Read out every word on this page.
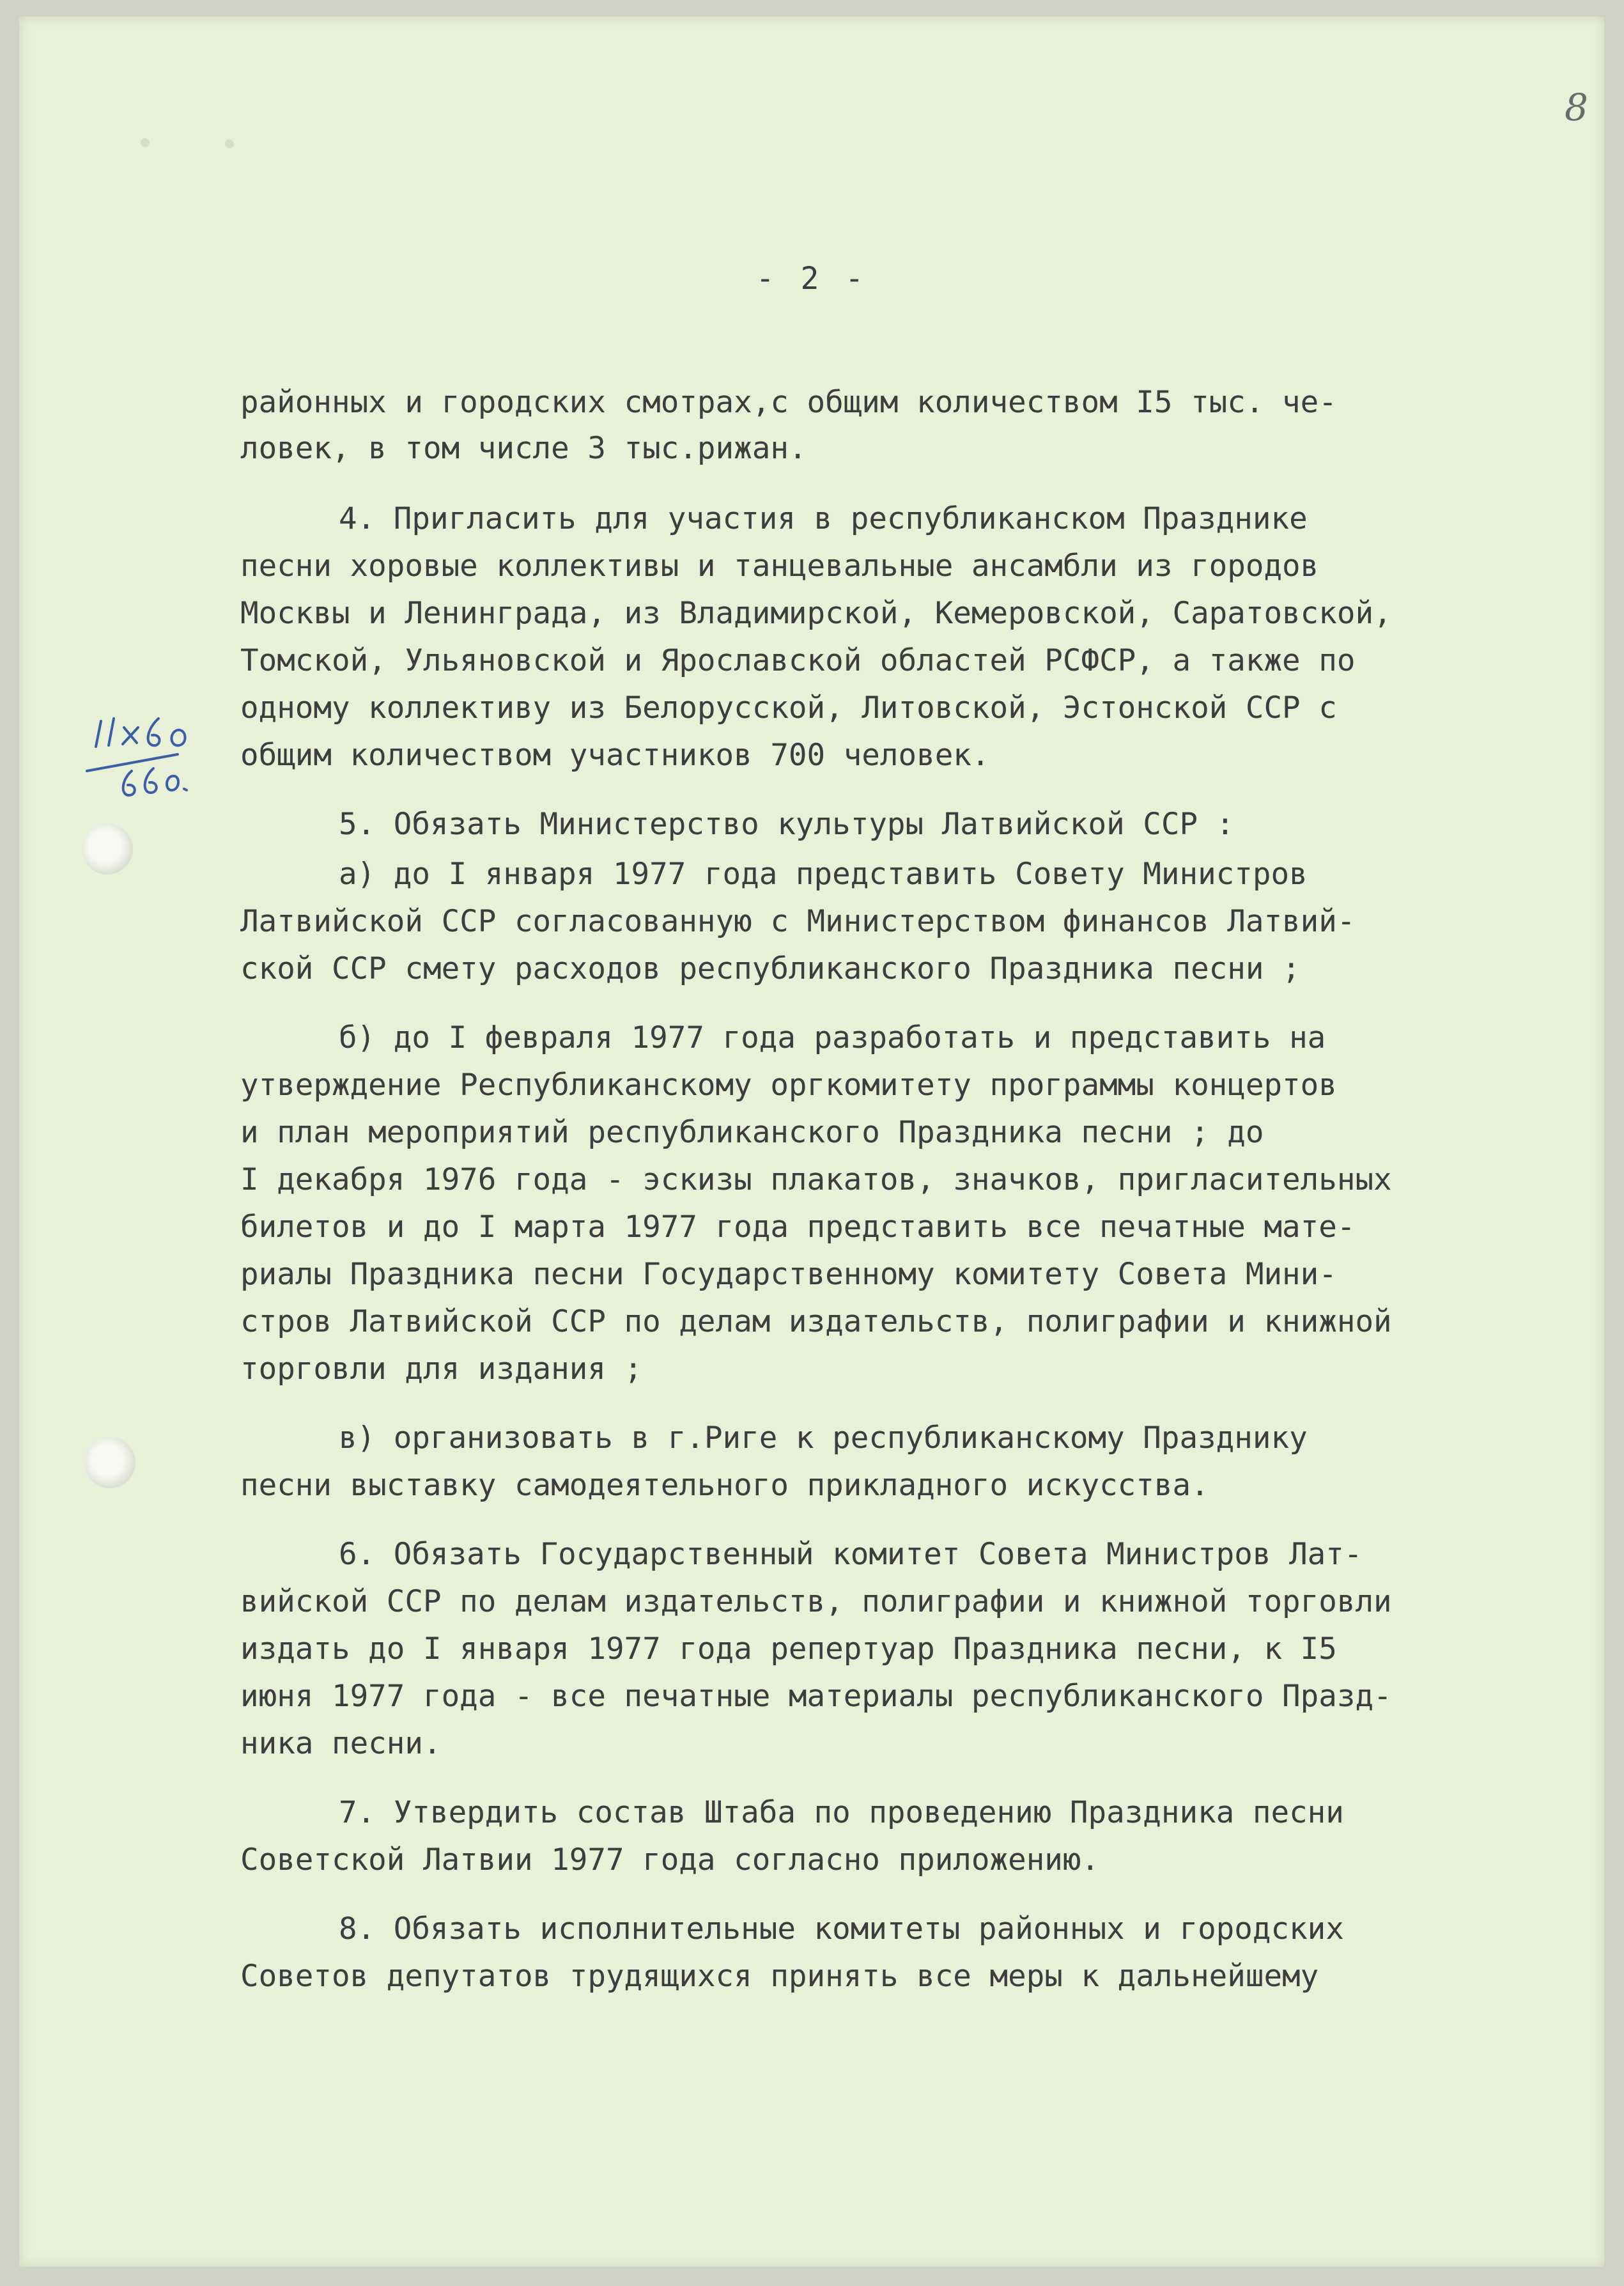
8
- 2 -
районных и городских смотрах,с общим количеством I5 тыс. че-
ловек, в том числе 3 тыс.рижан.
4. Пригласить для участия в республиканском Празднике
песни хоровые коллективы и танцевальные ансамбли из городов
Москвы и Ленинграда, из Владимирской, Кемеровской, Саратовской,
Томской, Ульяновской и Ярославской областей РСФСР, а также по
одному коллективу из Белорусской, Литовской, Эстонской ССР с
общим количеством участников 700 человек.
5. Обязать Министерство культуры Латвийской ССР :
а) до I января 1977 года представить Совету Министров
Латвийской ССР согласованную с Министерством финансов Латвий-
ской ССР смету расходов республиканского Праздника песни ;
б) до I февраля 1977 года разработать и представить на
утверждение Республиканскому оргкомитету программы концертов
и план мероприятий республиканского Праздника песни ; до
I декабря 1976 года - эскизы плакатов, значков, пригласительных
билетов и до I марта 1977 года представить все печатные мате-
риалы Праздника песни Государственному комитету Совета Мини-
стров Латвийской ССР по делам издательств, полиграфии и книжной
торговли для издания ;
в) организовать в г.Риге к республиканскому Празднику
песни выставку самодеятельного прикладного искусства.
6. Обязать Государственный комитет Совета Министров Лат-
вийской ССР по делам издательств, полиграфии и книжной торговли
издать до I января 1977 года репертуар Праздника песни, к I5
июня 1977 года - все печатные материалы республиканского Празд-
ника песни.
7. Утвердить состав Штаба по проведению Праздника песни
Советской Латвии 1977 года согласно приложению.
8. Обязать исполнительные комитеты районных и городских
Советов депутатов трудящихся принять все меры к дальнейшему
